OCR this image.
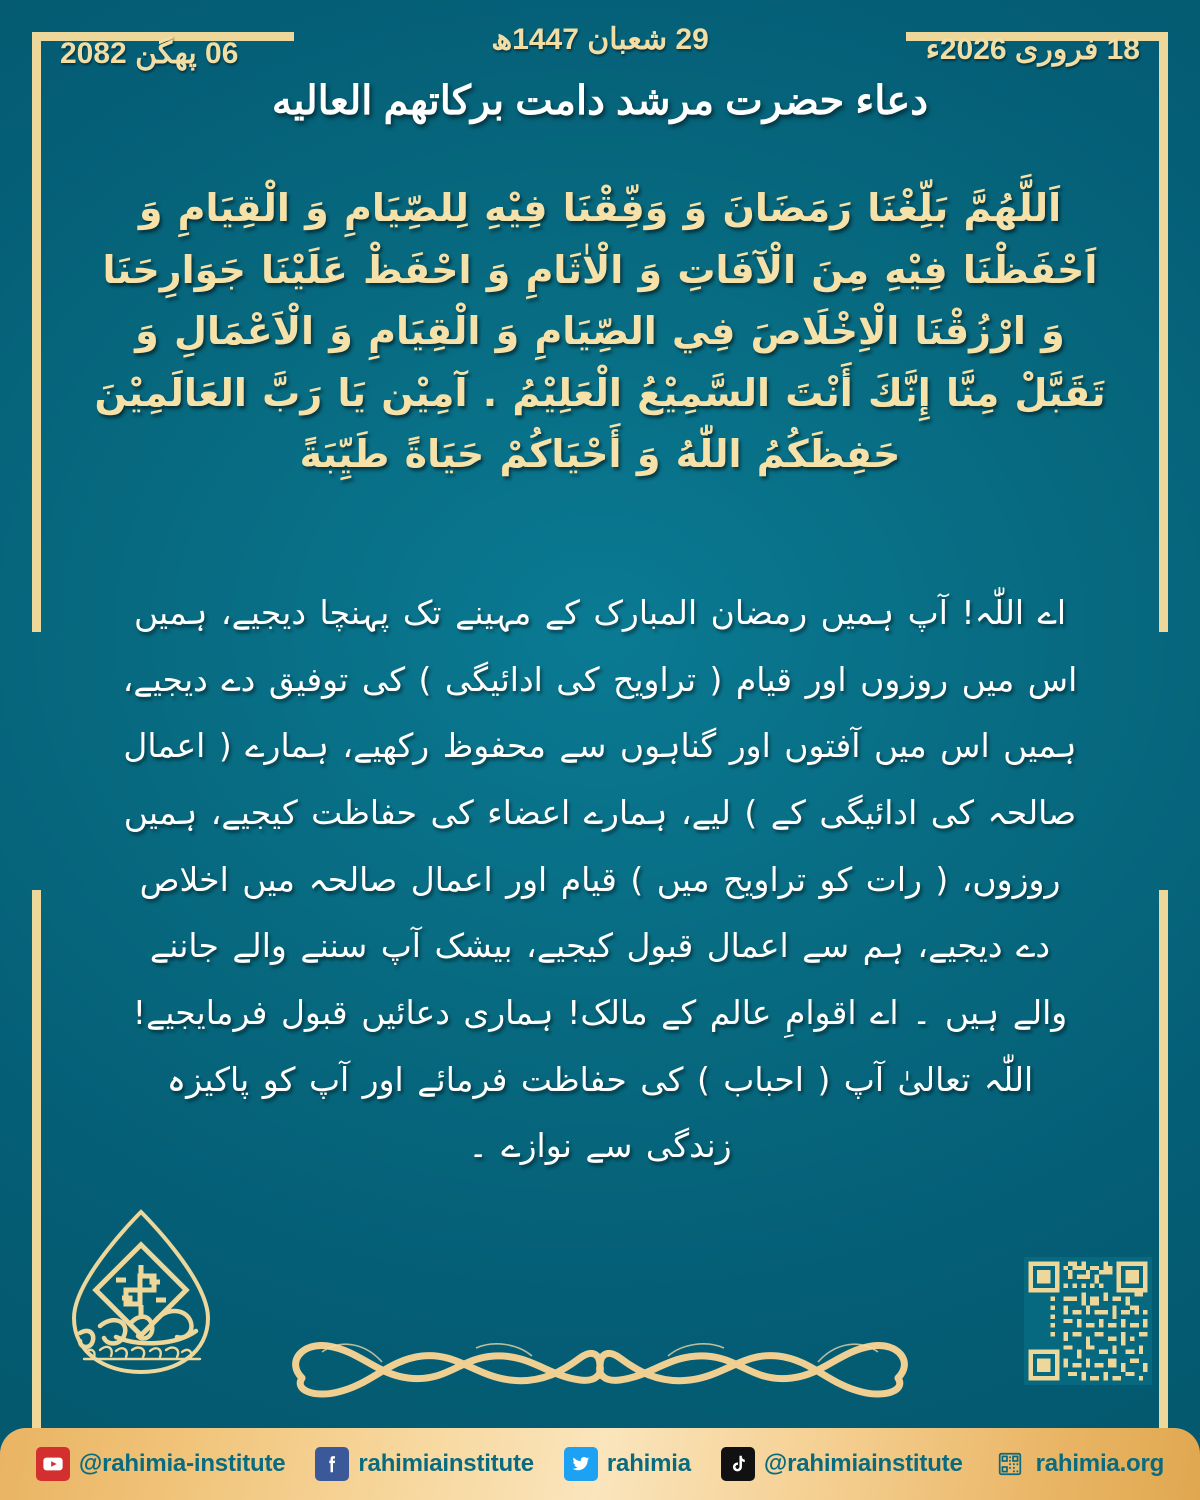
06 پھگن 2082	29 شعبان 1447ھ	18 فروری 2026ء
دعاء حضرت مرشد دامت بركاتهم العالیه
اَللَّهُمَّ بَلِّغْنَا رَمَضَانَ وَ وَفِّقْنَا فِيْهِ لِلصِّيَامِ وَ الْقِيَامِ وَ اَحْفَظْنَا فِيْهِ مِنَ الْآفَاتِ وَ الْاٰثَامِ وَ احْفَظْ عَلَيْنَا جَوَارِحَنَا وَ ارْزُقْنَا الْاِخْلَاصَ فِي الصِّيَامِ وَ الْقِيَامِ وَ الْاَعْمَالِ وَ تَقَبَّلْ مِنَّا إِنَّكَ أَنْتَ السَّمِيْعُ الْعَلِيْمُ . آمِيْن يَا رَبَّ العَالَمِيْنَ حَفِظَكُمُ اللّٰهُ وَ أَحْيَاكُمْ حَيَاةً طَيِّبَةً
اے اللّٰہ! آپ ہمیں رمضان المبارک کے مہینے تک پہنچا دیجیے، ہمیں اس میں روزوں اور قیام ( تراویح کی ادائیگی ) کی توفیق دے دیجیے، ہمیں اس میں آفتوں اور گناہوں سے محفوظ رکھیے، ہمارے ( اعمال صالحہ کی ادائیگی کے ) لیے، ہمارے اعضاء کی حفاظت کیجیے، ہمیں روزوں، ( رات کو تراویح میں ) قیام اور اعمال صالحہ میں اخلاص دے دیجیے، ہم سے اعمال قبول کیجیے، بیشک آپ سننے والے جاننے والے ہیں ۔ اے اقوامِ عالم کے مالک! ہماری دعائیں قبول فرمایجیے! اللّٰہ تعالیٰ آپ ( احباب ) کی حفاظت فرمائے اور آپ کو پاکیزہ زندگی سے نوازے ۔
@rahimia-institute	rahimiainstitute	rahimia	@rahimiainstitute	rahimia.org
